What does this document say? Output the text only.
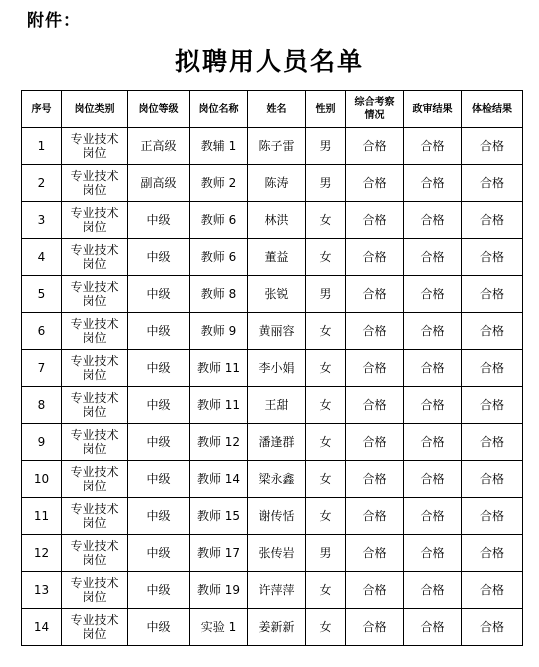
附件：
拟聘用人员名单
序号	岗位类别	岗位等级	岗位名称	姓名	性别	综合考察情况	政审结果	体检结果
1	专业技术岗位	正高级	教辅 1	陈子雷	男	合格	合格	合格
2	专业技术岗位	副高级	教师 2	陈涛	男	合格	合格	合格
3	专业技术岗位	中级	教师 6	林洪	女	合格	合格	合格
4	专业技术岗位	中级	教师 6	董益	女	合格	合格	合格
5	专业技术岗位	中级	教师 8	张锐	男	合格	合格	合格
6	专业技术岗位	中级	教师 9	黄丽容	女	合格	合格	合格
7	专业技术岗位	中级	教师 11	李小娟	女	合格	合格	合格
8	专业技术岗位	中级	教师 11	王甜	女	合格	合格	合格
9	专业技术岗位	中级	教师 12	潘逢群	女	合格	合格	合格
10	专业技术岗位	中级	教师 14	梁永鑫	女	合格	合格	合格
11	专业技术岗位	中级	教师 15	谢传恬	女	合格	合格	合格
12	专业技术岗位	中级	教师 17	张传岩	男	合格	合格	合格
13	专业技术岗位	中级	教师 19	许萍萍	女	合格	合格	合格
14	专业技术岗位	中级	实验 1	姜新新	女	合格	合格	合格
